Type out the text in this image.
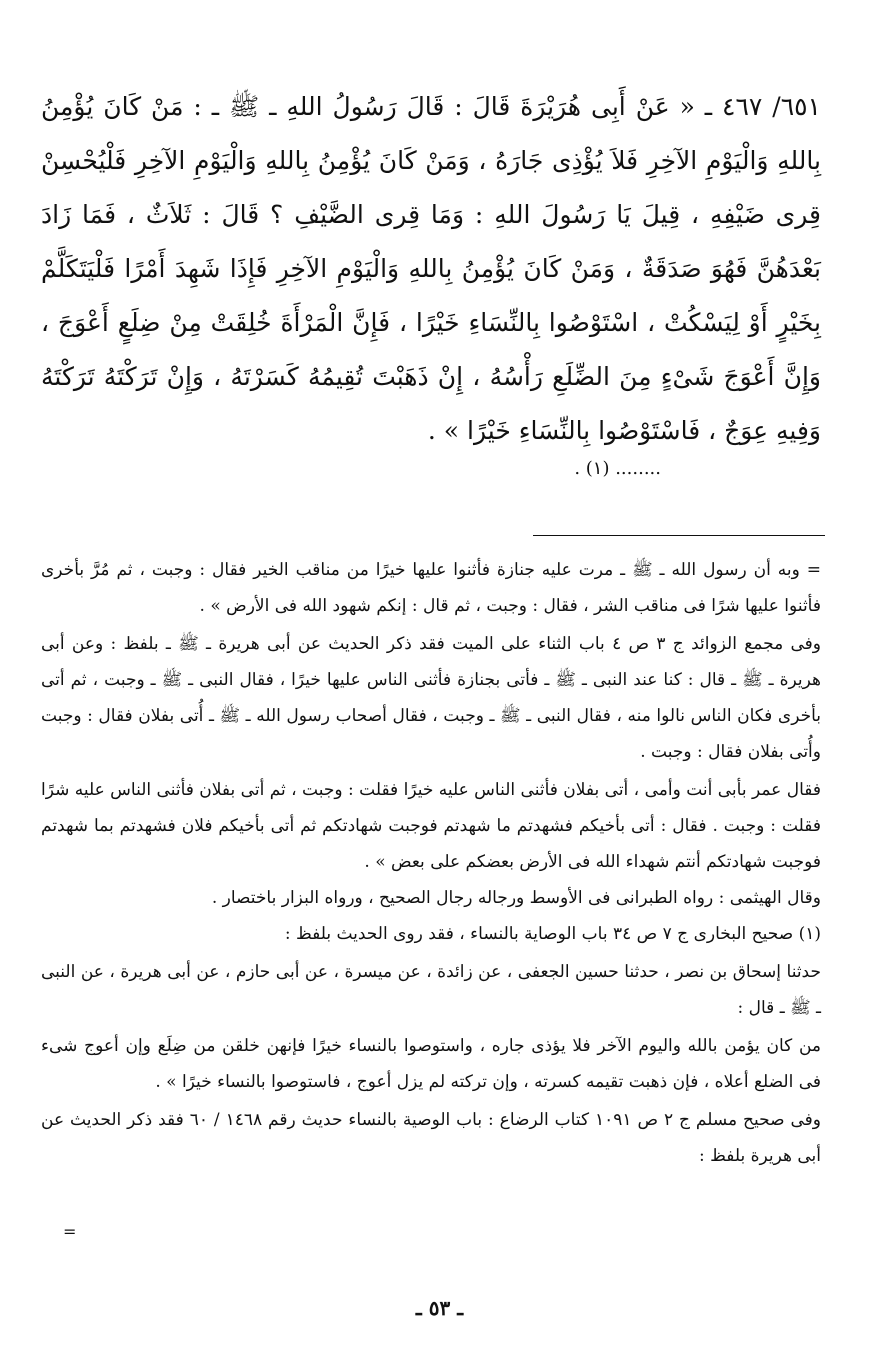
٦٥١/ ٤٦٧ ـ « عَنْ أَبِى هُرَيْرَةَ قَالَ : قَالَ رَسُولُ اللهِ ـ ﷺ ـ : مَنْ كَانَ يُؤْمِنُ بِاللهِ وَالْيَوْمِ الآخِرِ فَلاَ يُؤْذِى جَارَهُ ، وَمَنْ كَانَ يُؤْمِنُ بِاللهِ وَالْيَوْمِ الآخِرِ فَلْيُحْسِنْ قِرى ضَيْفِهِ ، قِيلَ يَا رَسُولَ اللهِ : وَمَا قِرى الضَّيْفِ ؟ قَالَ : ثَلاَثٌ ، فَمَا زَادَ بَعْدَهُنَّ فَهُوَ صَدَقَةٌ ، وَمَنْ كَانَ يُؤْمِنُ بِاللهِ وَالْيَوْمِ الآخِرِ فَإِذَا شَهِدَ أَمْرًا فَلْيَتَكَلَّمْ بِخَيْرٍ أَوْ لِيَسْكُتْ ، اسْتَوْصُوا بِالنِّسَاءِ خَيْرًا ، فَإِنَّ الْمَرْأَةَ خُلِقَتْ مِنْ ضِلَعٍ أَعْوَجَ ، وَإِنَّ أَعْوَجَ شَىْءٍ مِنَ الضِّلَعِ رَأْسُهُ ، إِنْ ذَهَبْتَ تُقِيمُهُ كَسَرْتَهُ ، وَإِنْ تَرَكْتَهُ تَرَكْتَهُ وَفِيهِ عِوَجٌ ، فَاسْتَوْصُوا بِالنِّسَاءِ خَيْرًا » .

........ (١) .

= وبه أن رسول الله ـ ﷺ ـ مرت عليه جنازة فأثنوا عليها خيرًا من مناقب الخير فقال : وجبت ، ثم مُرَّ بأخرى فأثنوا عليها شرًا فى مناقب الشر ، فقال : وجبت ، ثم قال : إنكم شهود الله فى الأرض » .

وفى مجمع الزوائد ج ٣ ص ٤ باب الثناء على الميت فقد ذكر الحديث عن أبى هريرة ـ ﷺ ـ بلفظ : وعن أبى هريرة ـ ﷺ ـ قال : كنا عند النبى ـ ﷺ ـ فأتى بجنازة فأثنى الناس عليها خيرًا ، فقال النبى ـ ﷺ ـ وجبت ، ثم أتى بأخرى فكان الناس نالوا منه ، فقال النبى ـ ﷺ ـ وجبت ، فقال أصحاب رسول الله ـ ﷺ ـ أُتى بفلان فقال : وجبت وأُتى بفلان فقال : وجبت .

فقال عمر بأبى أنت وأمى ، أتى بفلان فأثنى الناس عليه خيرًا فقلت : وجبت ، ثم أتى بفلان فأثنى الناس عليه شرًا فقلت : وجبت . فقال : أتى بأخيكم فشهدتم ما شهدتم فوجبت شهادتكم ثم أتى بأخيكم فلان فشهدتم بما شهدتم فوجبت شهادتكم أنتم شهداء الله فى الأرض بعضكم على بعض » .

وقال الهيثمى : رواه الطبرانى فى الأوسط ورجاله رجال الصحيح ، ورواه البزار باختصار .

(١) صحيح البخارى ج ٧ ص ٣٤ باب الوصاية بالنساء ، فقد روى الحديث بلفظ :

حدثنا إسحاق بن نصر ، حدثنا حسين الجعفى ، عن زائدة ، عن ميسرة ، عن أبى حازم ، عن أبى هريرة ، عن النبى ـ ﷺ ـ قال :

من كان يؤمن بالله واليوم الآخر فلا يؤذى جاره ، واستوصوا بالنساء خيرًا فإنهن خلقن من ضِلَع وإن أعوج شىء فى الضلع أعلاه ، فإن ذهبت تقيمه كسرته ، وإن تركته لم يزل أعوج ، فاستوصوا بالنساء خيرًا » .

وفى صحيح مسلم ج ٢ ص ١٠٩١ كتاب الرضاع : باب الوصية بالنساء حديث رقم ١٤٦٨ / ٦٠ فقد ذكر الحديث عن أبى هريرة بلفظ :

=
ـ ٥٣ ـ
